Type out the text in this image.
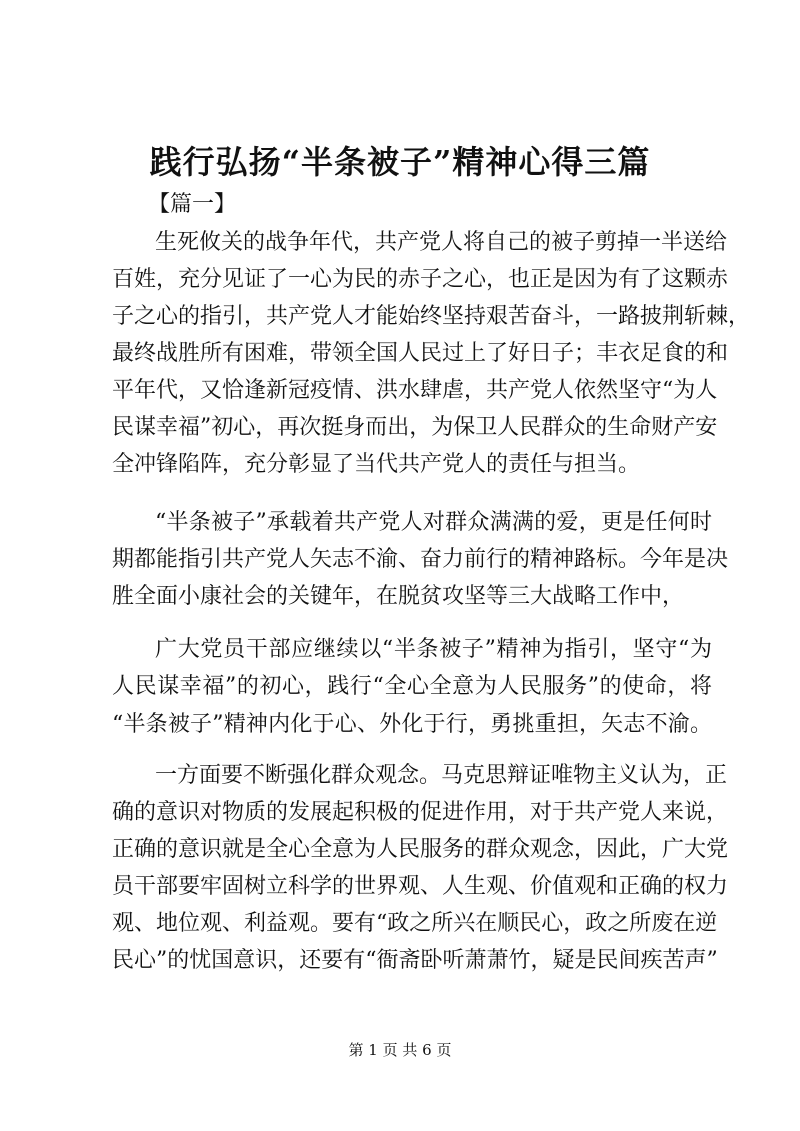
践行弘扬“半条被子”精神心得三篇
【篇一】
生死攸关的战争年代，共产党人将自己的被子剪掉一半送给
百姓，充分见证了一心为民的赤子之心，也正是因为有了这颗赤
子之心的指引，共产党人才能始终坚持艰苦奋斗，一路披荆斩棘，
最终战胜所有困难，带领全国人民过上了好日子；丰衣足食的和
平年代，又恰逢新冠疫情、洪水肆虐，共产党人依然坚守“为人
民谋幸福”初心，再次挺身而出，为保卫人民群众的生命财产安
全冲锋陷阵，充分彰显了当代共产党人的责任与担当。
“半条被子”承载着共产党人对群众满满的爱，更是任何时
期都能指引共产党人矢志不渝、奋力前行的精神路标。今年是决
胜全面小康社会的关键年，在脱贫攻坚等三大战略工作中，
广大党员干部应继续以“半条被子”精神为指引，坚守“为
人民谋幸福”的初心，践行“全心全意为人民服务”的使命，将
“半条被子”精神内化于心、外化于行，勇挑重担，矢志不渝。
一方面要不断强化群众观念。马克思辩证唯物主义认为，正
确的意识对物质的发展起积极的促进作用，对于共产党人来说，
正确的意识就是全心全意为人民服务的群众观念，因此，广大党
员干部要牢固树立科学的世界观、人生观、价值观和正确的权力
观、地位观、利益观。要有“政之所兴在顺民心，政之所废在逆
民心”的忧国意识，还要有“衙斋卧听萧萧竹，疑是民间疾苦声”
第 1 页 共 6 页
